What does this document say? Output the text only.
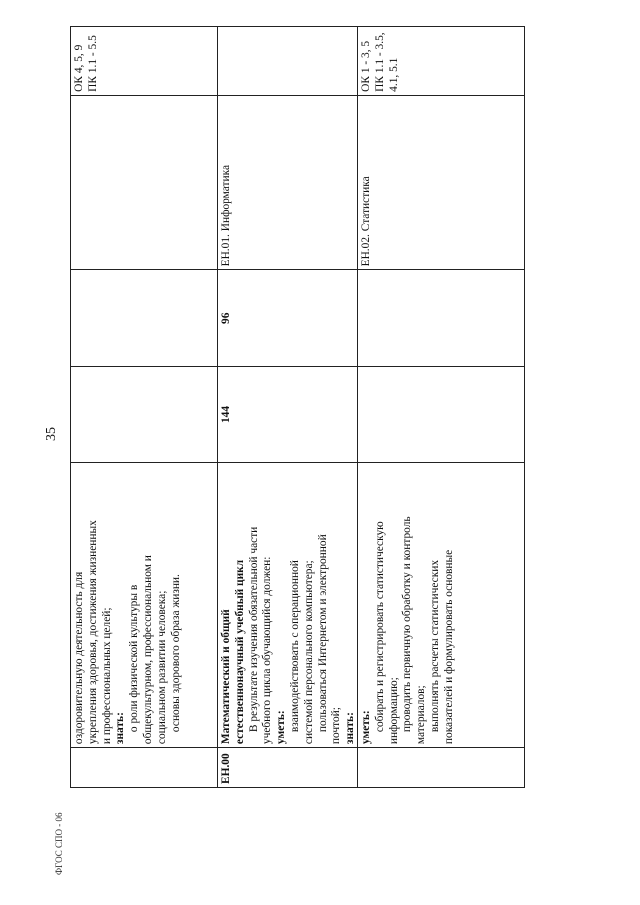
35
ФГОС СПО - 06
оздоровительную деятельность для укрепления здоровья, достижения жизненных и профессиональных целей; знать: о роли физической культуры в общекультурном, профессиональном и социальном развитии человека; основы здорового образа жизни.
ОК 4, 5, 9 ПК 1.1 - 5.5
ЕН.00
Математический и общий естественнонаучный учебный цикл В результате изучения обязательной части учебного цикла обучающийся должен: уметь: взаимодействовать с операционной системой персонального компьютера; пользоваться Интернетом и электронной почтой; знать:
144
96
ЕН.01. Информатика
уметь: собирать и регистрировать статистическую информацию; проводить первичную обработку и контроль материалов; выполнять расчеты статистических показателей и формулировать основные
ЕН.02. Статистика
ОК 1 - 3, 5 ПК 1.1 - 3.5, 4.1, 5.1
